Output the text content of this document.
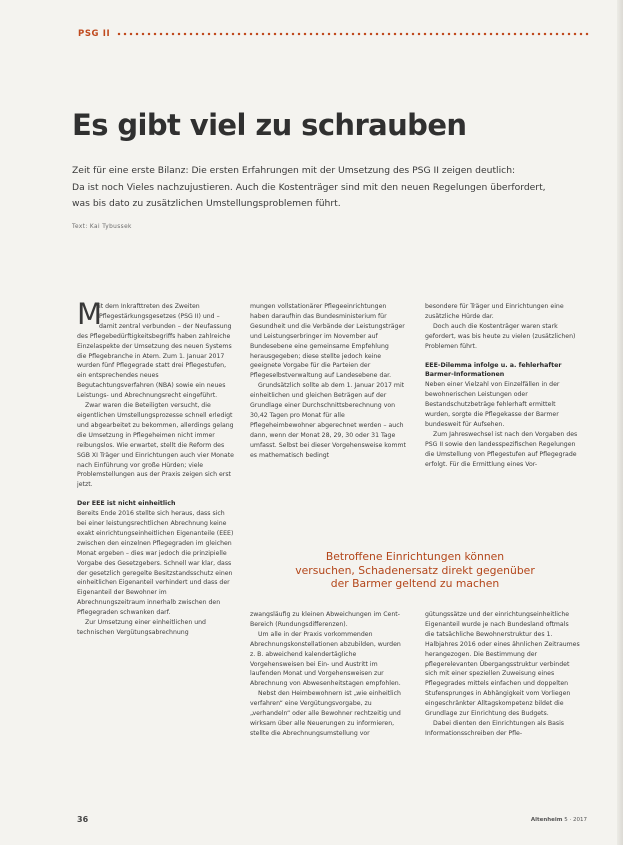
PSG II
Es gibt viel zu schrauben
Zeit für eine erste Bilanz: Die ersten Erfahrungen mit der Umsetzung des PSG II zeigen deutlich:
Da ist noch Vieles nachzujustieren. Auch die Kostenträger sind mit den neuen Regelungen überfordert,
was bis dato zu zusätzlichen Umstellungsproblemen führt.
Text: Kai Tybussek

M
it dem Inkrafttreten des Zweiten Pflegestärkungsgesetzes (PSG II) und – damit zentral verbunden – der Neufassung des Pflegebedürftigkeitsbegriffs haben zahlreiche Einzelaspekte der Umsetzung des neuen Systems die Pflegebranche in Atem. Zum 1. Januar 2017 wurden fünf Pflegegrade statt drei Pflegestufen, ein entsprechendes neues Begutachtungsverfahren (NBA) sowie ein neues Leistungs- und Abrechnungsrecht eingeführt.

Zwar waren die Beteiligten versucht, die eigentlichen Umstellungsprozesse schnell erledigt und abgearbeitet zu bekommen, allerdings gelang die Umsetzung in Pflegeheimen nicht immer reibungslos. Wie erwartet, stellt die Reform des SGB XI Träger und Einrichtungen auch vier Monate nach Einführung vor große Hürden; viele Problemstellungen aus der Praxis zeigen sich erst jetzt.

Der EEE ist nicht einheitlich

Bereits Ende 2016 stellte sich heraus, dass sich bei einer leistungsrechtlichen Abrechnung keine exakt einrichtungseinheitlichen Eigenanteile (EEE) zwischen den einzelnen Pflegegraden im gleichen Monat ergeben – dies war jedoch die prinzipielle Vorgabe des Gesetzgebers. Schnell war klar, dass der gesetzlich geregelte Besitzstandsschutz einen einheitlichen Eigenanteil verhindert und dass der Eigenanteil der Bewohner im Abrechnungszeitraum innerhalb zwischen den Pflegegraden schwanken darf.

Zur Umsetzung einer einheitlichen und technischen Vergütungsabrechnung

mungen vollstationärer Pflegeeinrichtungen haben daraufhin das Bundesministerium für Gesundheit und die Verbände der Leistungsträger und Leistungserbringer im November auf Bundesebene eine gemeinsame Empfehlung herausgegeben; diese stellte jedoch keine geeignete Vorgabe für die Parteien der Pflegeselbstverwaltung auf Landesebene dar.

Grundsätzlich sollte ab dem 1. Januar 2017 mit einheitlichen und gleichen Beträgen auf der Grundlage einer Durchschnittsberechnung von 30,42 Tagen pro Monat für alle Pflegeheimbewohner abgerechnet werden – auch dann, wenn der Monat 28, 29, 30 oder 31 Tage umfasst. Selbst bei dieser Vorgehensweise kommt es mathematisch bedingt

besondere für Träger und Einrichtungen eine zusätzliche Hürde dar.

Doch auch die Kostenträger waren stark gefordert, was bis heute zu vielen (zusätzlichen) Problemen führt.

EEE-Dilemma infolge u. a. fehlerhafter Barmer-Informationen

Neben einer Vielzahl von Einzelfällen in der bewohnerischen Leistungen oder Bestandschutzbeträge fehlerhaft ermittelt wurden, sorgte die Pflegekasse der Barmer bundesweit für Aufsehen.

Zum Jahreswechsel ist nach den Vorgaben des PSG II sowie den landesspezifischen Regelungen die Umstellung von Pflegestufen auf Pflegegrade erfolgt. Für die Ermittlung eines Vor-

Betroffene Einrichtungen können
versuchen, Schadenersatz direkt gegenüber
der Barmer geltend zu machen

zwangsläufig zu kleinen Abweichungen im Cent-Bereich (Rundungsdifferenzen).

Um alle in der Praxis vorkommenden Abrechnungskonstellationen abzubilden, wurden z. B. abweichend kalendertägliche Vorgehensweisen bei Ein- und Austritt im laufenden Monat und Vorgehensweisen zur Abrechnung von Abwesenheitstagen empfohlen.

Nebst den Heimbewohnern ist „wie einheitlich verfahren“ eine Vergütungsvorgabe, zu „verhandeln“ oder alle Bewohner rechtzeitig und wirksam über alle Neuerungen zu informieren, stellte die Abrechnungsumstellung vor

gütungssätze und der einrichtungseinheitliche Eigenanteil wurde je nach Bundesland oftmals die tatsächliche Bewohnerstruktur des 1. Halbjahres 2016 oder eines ähnlichen Zeitraumes herangezogen. Die Bestimmung der pflegerelevanten Übergangsstruktur verbindet sich mit einer speziellen Zuweisung eines Pflegegrades mittels einfachen und doppelten Stufensprunges in Abhängigkeit vom Vorliegen eingeschränkter Alltagskompetenz bildet die Grundlage zur Einrichtung des Budgets.

Dabei dienten den Einrichtungen als Basis Informationsschreiben der Pfle-

36	Altenheim 5 · 2017
